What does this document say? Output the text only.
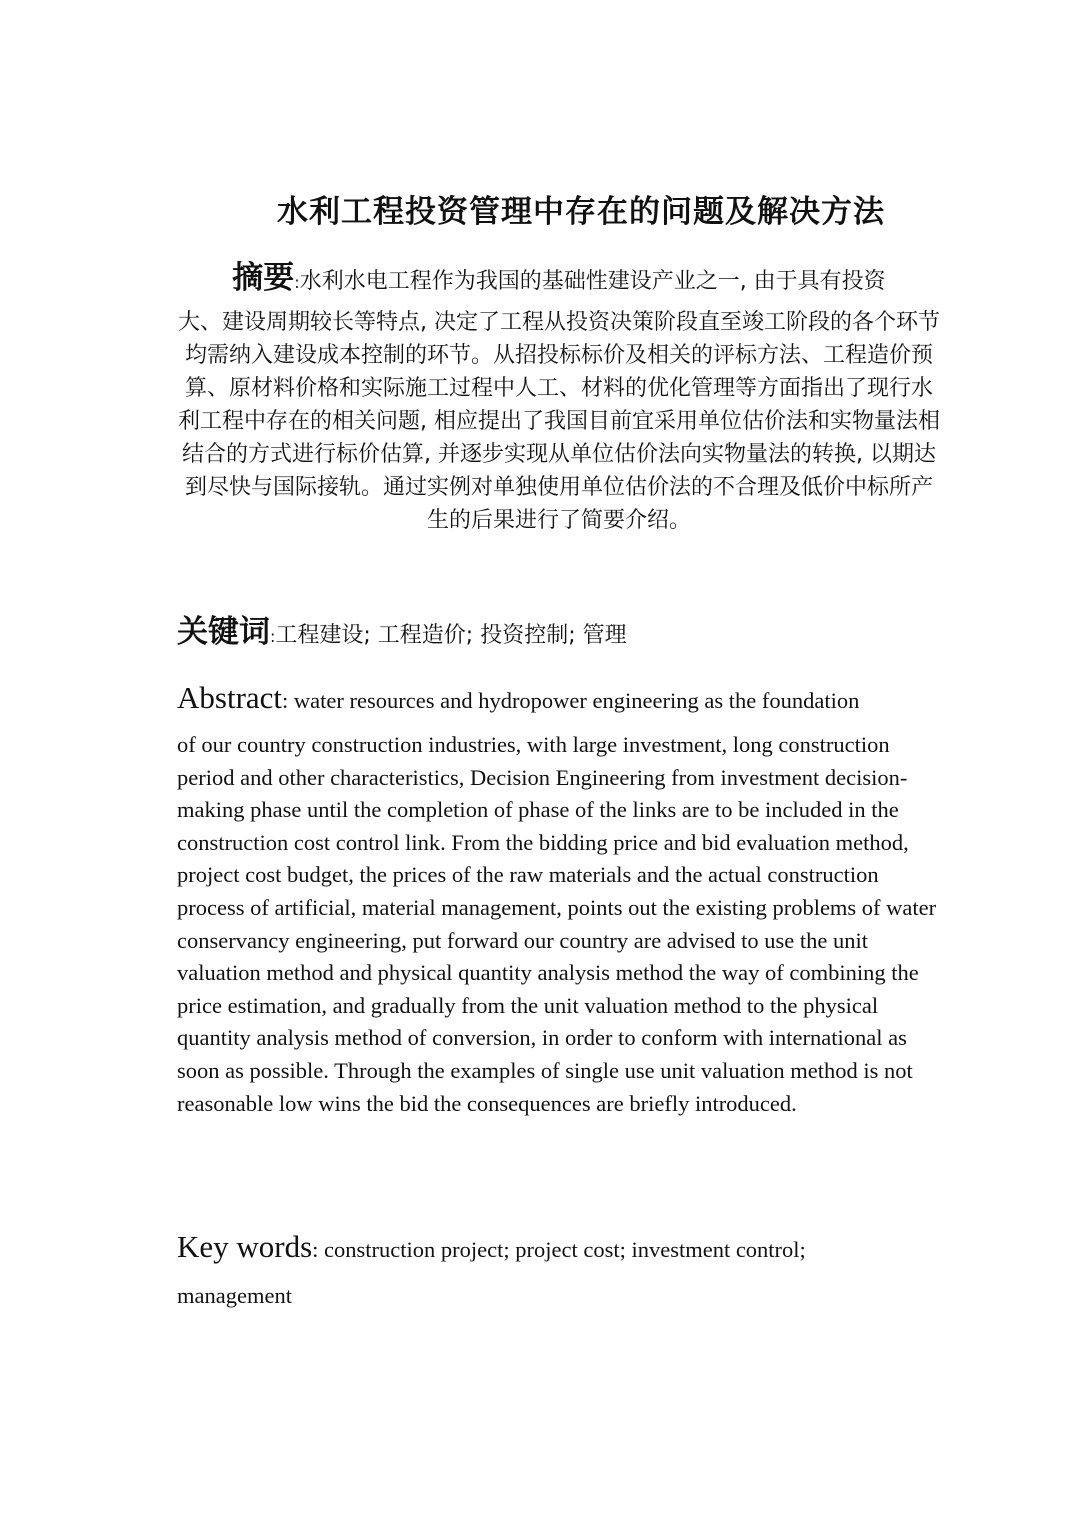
水利工程投资管理中存在的问题及解决方法

摘要:水利水电工程作为我国的基础性建设产业之一, 由于具有投资
大、建设周期较长等特点, 决定了工程从投资决策阶段直至竣工阶段的各个环节均需纳入建设成本控制的环节。从招投标标价及相关的评标方法、工程造价预算、原材料价格和实际施工过程中人工、材料的优化管理等方面指出了现行水利工程中存在的相关问题, 相应提出了我国目前宜采用单位估价法和实物量法相结合的方式进行标价估算, 并逐步实现从单位估价法向实物量法的转换, 以期达到尽快与国际接轨。通过实例对单独使用单位估价法的不合理及低价中标所产生的后果进行了简要介绍。

关键词:工程建设; 工程造价; 投资控制; 管理

Abstract: water resources and hydropower engineering as the foundation
of our country construction industries, with large investment, long construction period and other characteristics, Decision Engineering from investment decision-making phase until the completion of phase of the links are to be included in the construction cost control link. From the bidding price and bid evaluation method, project cost budget, the prices of the raw materials and the actual construction process of artificial, material management, points out the existing problems of water conservancy engineering, put forward our country are advised to use the unit valuation method and physical quantity analysis method the way of combining the price estimation, and gradually from the unit valuation method to the physical quantity analysis method of conversion, in order to conform with international as soon as possible. Through the examples of single use unit valuation method is not reasonable low wins the bid the consequences are briefly introduced.

Key words: construction project; project cost; investment control;
management
